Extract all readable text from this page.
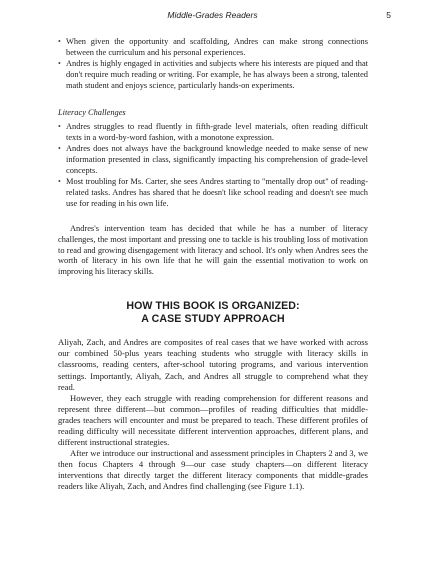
Middle-Grades Readers	5
• When given the opportunity and scaffolding, Andres can make strong connections between the curriculum and his personal experiences.
• Andres is highly engaged in activities and subjects where his interests are piqued and that don't require much reading or writing. For example, he has always been a strong, talented math student and enjoys science, particularly hands-on experiments.
Literacy Challenges
• Andres struggles to read fluently in fifth-grade level materials, often reading difficult texts in a word-by-word fashion, with a monotone expression.
• Andres does not always have the background knowledge needed to make sense of new information presented in class, significantly impacting his comprehension of grade-level concepts.
• Most troubling for Ms. Carter, she sees Andres starting to "mentally drop out" of reading-related tasks. Andres has shared that he doesn't like school reading and doesn't see much use for reading in his own life.

Andres's intervention team has decided that while he has a number of literacy challenges, the most important and pressing one to tackle is his troubling loss of motivation to read and growing disengagement with literacy and school. It's only when Andres sees the worth of literacy in his own life that he will gain the essential motivation to work on improving his literacy skills.

HOW THIS BOOK IS ORGANIZED:
A CASE STUDY APPROACH

Aliyah, Zach, and Andres are composites of real cases that we have worked with across our combined 50-plus years teaching students who struggle with literacy skills in classrooms, reading centers, after-school tutoring programs, and various intervention settings. Importantly, Aliyah, Zach, and Andres all struggle to comprehend what they read.

However, they each struggle with reading comprehension for different reasons and represent three different—but common—profiles of reading difficulties that middle-grades teachers will encounter and must be prepared to teach. These different profiles of reading difficulty will necessitate different intervention approaches, different plans, and different instructional strategies.

After we introduce our instructional and assessment principles in Chapters 2 and 3, we then focus Chapters 4 through 9—our case study chapters—on different literacy interventions that directly target the different literacy components that middle-grades readers like Aliyah, Zach, and Andres find challenging (see Figure 1.1).
